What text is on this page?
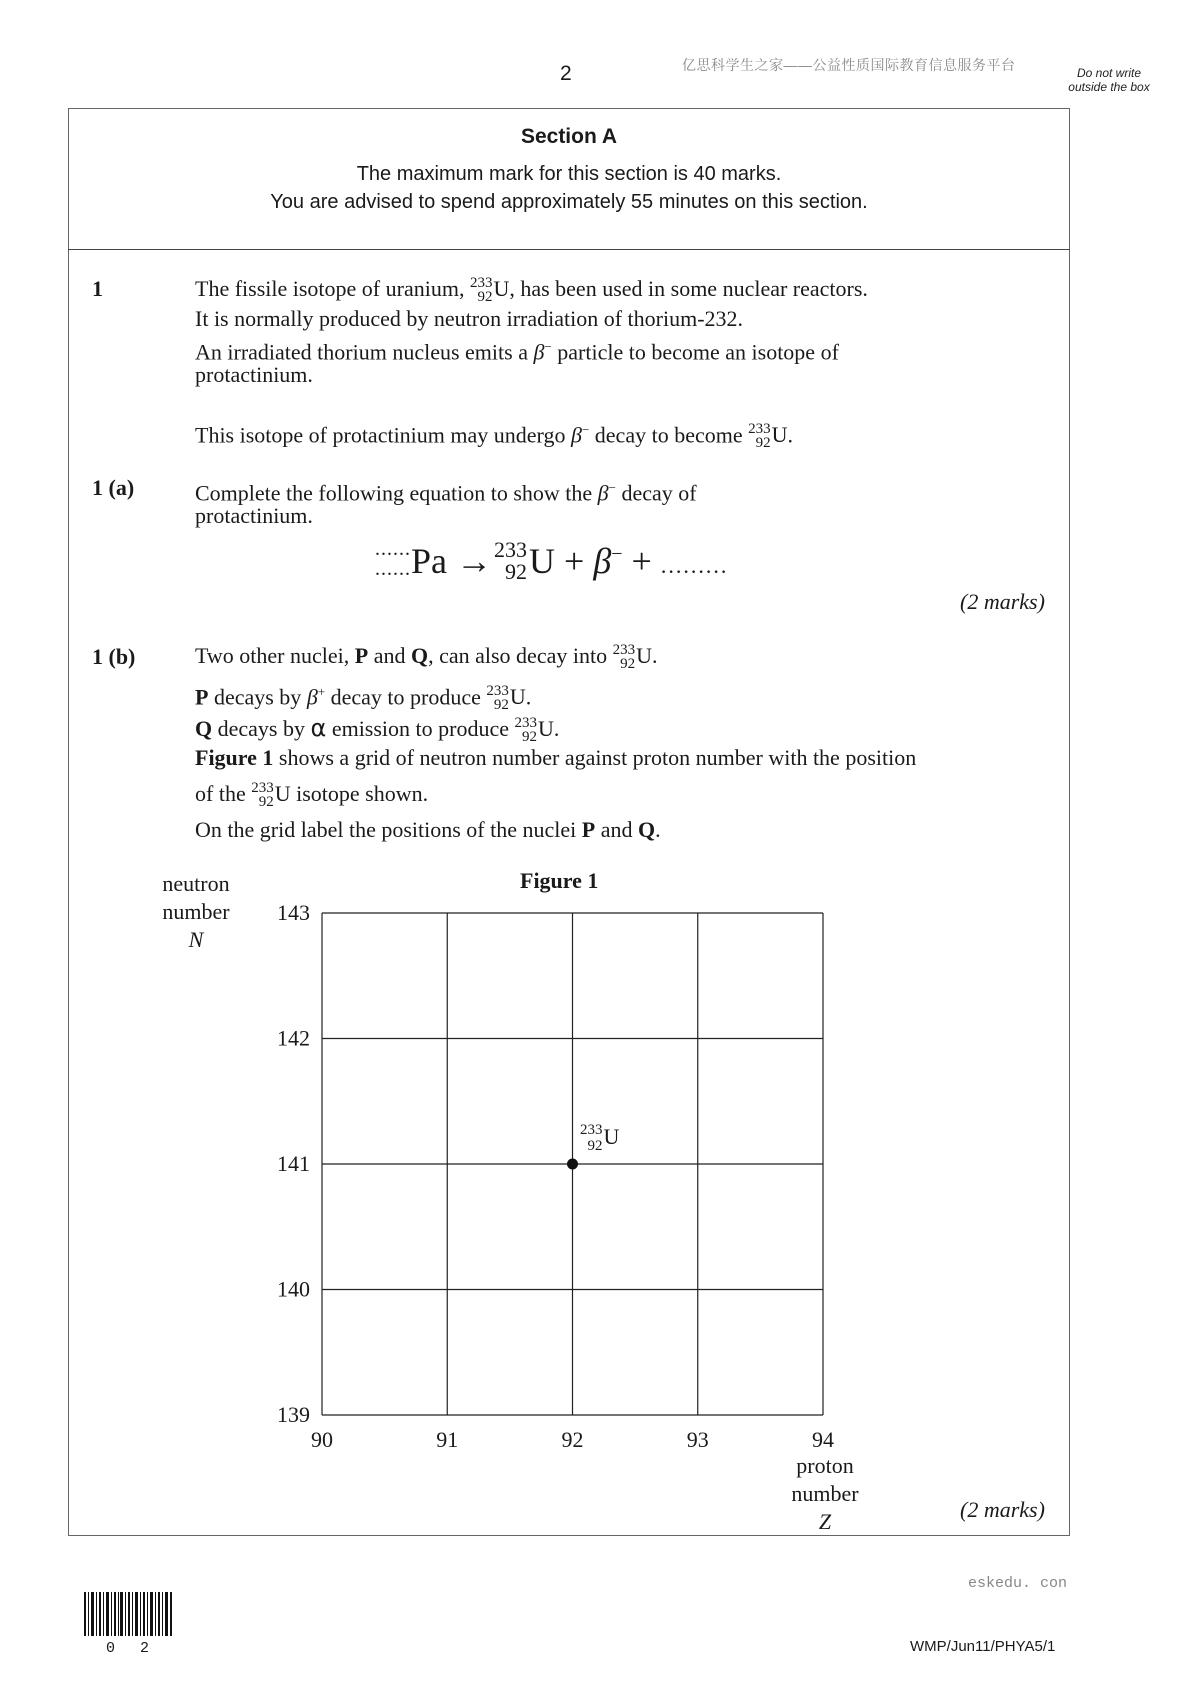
2	亿思科学生之家——公益性质国际教育信息服务平台	Do not write outside the box
Section A
The maximum mark for this section is 40 marks.
You are advised to spend approximately 55 minutes on this section.
1	The fissile isotope of uranium, 233
92 U, has been used in some nuclear reactors.
It is normally produced by neutron irradiation of thorium-232.
An irradiated thorium nucleus emits a β− particle to become an isotope of
protactinium.
This isotope of protactinium may undergo β− decay to become 233
92 U.
1 (a)	Complete the following equation to show the β− decay of
protactinium.
......
...... Pa → 233
92 U + β− + .........
(2 marks)
1 (b)	Two other nuclei, P and Q, can also decay into 233
92 U.
P decays by β+ decay to produce 233
92 U.
Q decays by α emission to produce 233
92 U.
Figure 1 shows a grid of neutron number against proton number with the position
of the 233
92 U isotope shown.
On the grid label the positions of the nuclei P and Q.
Figure 1
neutron
number
N
proton
number
Z
90	91	92	93	94
139
140
141
142
143
233
92 U
(2 marks)
eskedu. con
WMP/Jun11/PHYA5/1
0 2
